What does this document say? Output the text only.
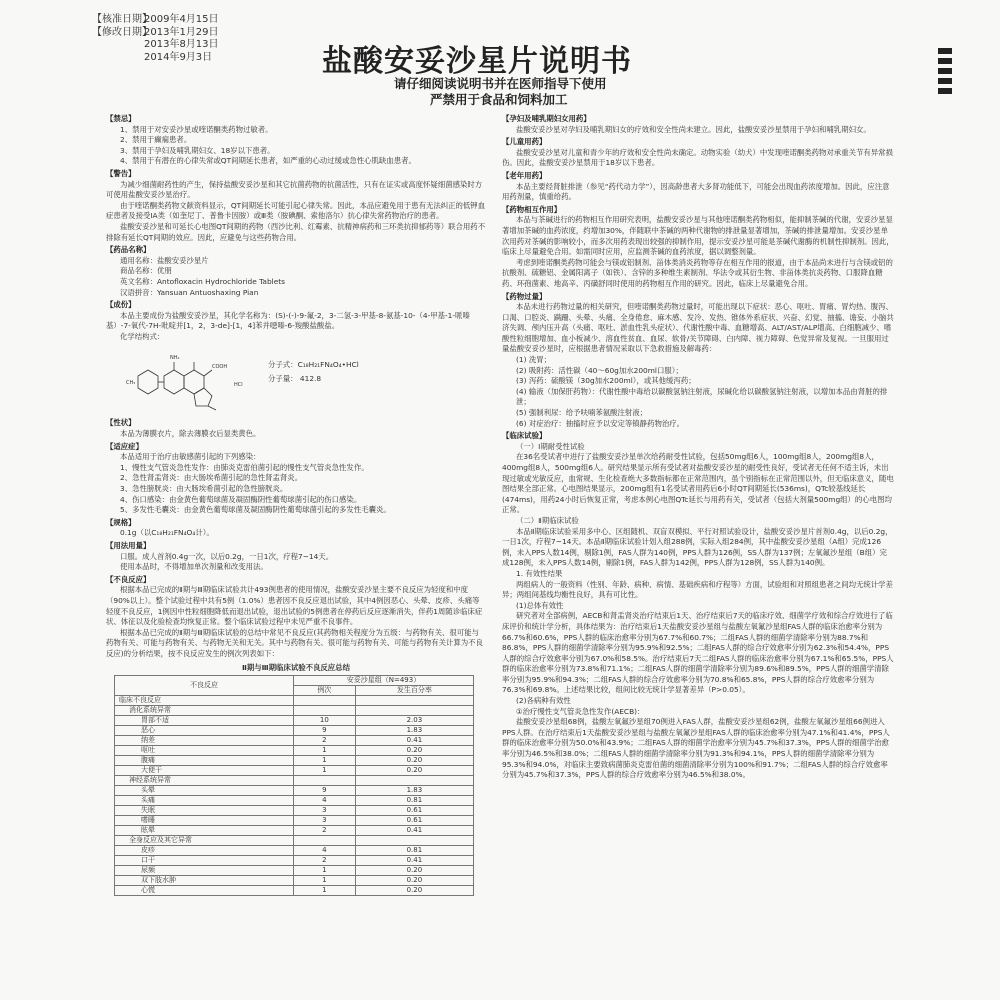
【核准日期】2009年4月15日
【修改日期】2013年1月29日
2013年8月13日
2014年9月3日	盐酸安妥沙星片说明书
请仔细阅读说明书并在医师指导下使用
严禁用于食品和饲料加工
【禁忌】
1、禁用于对安妥沙星或喹诺酮类药物过敏者。
2、禁用于癫痫患者。
3、禁用于孕妇及哺乳期妇女、18岁以下患者。
4、禁用于有潜在的心律失常或QT间期延长患者，如严重的心动过缓或急性心肌缺血患者。
【警告】

为减少细菌耐药性的产生，保持盐酸安妥沙星和其它抗菌药物的抗菌活性，只有在证实或高度怀疑细菌感染时方可使用盐酸安妥沙星治疗。

由于喹诺酮类药物文献资料显示，QT间期延长可能引起心律失常。因此，本品应避免用于患有无法纠正的低钾血症患者及接受IA类（如奎尼丁、普鲁卡因胺）或Ⅲ类（胺碘酮、索他洛尔）抗心律失常药物治疗的患者。

盐酸安妥沙星和可延长心电图QT间期的药物（西沙比利、红霉素、抗精神病药和三环类抗抑郁药等）联合用药不排除有延长QT间期的效应。因此，应避免与这些药物合用。

【药品名称】
通用名称：盐酸安妥沙星片
商品名称：优朋
英文名称：Antofloxacin Hydrochloride Tablets
汉语拼音：Yansuan Antuoshaxing Pian
【成份】

本品主要成份为盐酸安妥沙星，其化学名称为：(S)-(-)-9-氟-2，3-二氢-3-甲基-8-氨基-10-（4-甲基-1-哌嗪基）-7-氧代-7H-吡啶并[1，2，3-de]-[1，4]苯并噁嗪-6-羧酸盐酸盐。

化学结构式：
COOH
HCl
NH₂
CH₃
分子式：C₁₈H₂₁FN₄O₄•HCl
分子量： 412.8
【性状】

本品为薄膜衣片，除去薄膜衣后显类黄色。

【适应症】

本品适用于治疗由敏感菌引起的下列感染：

1、慢性支气管炎急性发作：由肺炎克雷伯菌引起的慢性支气管炎急性发作。
2、急性肾盂肾炎：由大肠埃希菌引起的急性肾盂肾炎。
3、急性膀胱炎：由大肠埃希菌引起的急性膀胱炎。
4、伤口感染：由金黄色葡萄球菌及凝固酶阴性葡萄球菌引起的伤口感染。
5、多发性毛囊炎：由金黄色葡萄球菌及凝固酶阴性葡萄球菌引起的多发性毛囊炎。
【规格】

0.1g（以C₁₈H₂₁FN₄O₄计）。

【用法用量】

口服。成人首剂0.4g一次，以后0.2g，一日1次，疗程7~14天。

使用本品时，不得增加单次剂量和改变用法。

【不良反应】

根据本品已完成的Ⅱ期与Ⅲ期临床试验共计493例患者的使用情况，盐酸安妥沙星主要不良反应为轻度和中度（90%以上）。整个试验过程中共有5例（1.0%）患者因不良反应退出试验，其中4例因恶心、头晕、皮疹、头痛等轻度不良反应，1例因中性粒细胞降低而退出试验，退出试验的5例患者在停药后反应逐渐消失，伴药1周随诊临床症状、体征以及化验检查均恢复正常。整个临床试验过程中未见严重不良事件。

根据本品已完成的Ⅱ期与Ⅲ期临床试验的总结中常见不良反应(其药物相关程度分为五级：与药物有关、很可能与药物有关、可能与药物有关、与药物无关和无关。其中与药物有关、很可能与药物有关、可能与药物有关计算为不良反应)的分析结果，按不良反应发生的例次列表如下：

Ⅱ期与Ⅲ期临床试验不良反应总结
不良反应	安妥沙星组（N=493）	
	例次	发生百分率
临床不良反应		
消化系统异常		
胃部不适	10	2.03
恶心	9	1.83
纳差	2	0.41
呕吐	1	0.20
腹痛	1	0.20
大便干	1	0.20
神经系统异常		
头晕	9	1.83
头痛	4	0.81
失眠	3	0.61
嗜睡	3	0.61
眩晕	2	0.41
全身反应及其它异常		
皮疹	4	0.81
口干	2	0.41
尿频	1	0.20
双下肢水肿	1	0.20
心慌	1	0.20
【孕妇及哺乳期妇女用药】

盐酸安妥沙星对孕妇及哺乳期妇女的疗效和安全性尚未建立。因此，盐酸安妥沙星禁用于孕妇和哺乳期妇女。

【儿童用药】

盐酸安妥沙星对儿童和青少年的疗效和安全性尚未确定。动物实验（幼犬）中发现喹诺酮类药物对承重关节有异常损伤。因此，盐酸安妥沙星禁用于18岁以下患者。

【老年用药】

本品主要经肾脏排泄（参见“药代动力学”），因高龄患者大多肾功能低下，可能会出现血药浓度增加。因此，应注意用药剂量，慎重给药。

【药物相互作用】

本品与茶碱进行的药物相互作用研究表明，盐酸安妥沙星与其他喹诺酮类药物相似，能抑制茶碱的代谢，安妥沙星显著增加茶碱的血药浓度，约增加30%，伴随联中茶碱的两种代谢物的排泄量显著增加，茶碱的排泄量增加。安妥沙星单次用药对茶碱的影响较小，而多次用药表现出较强的抑制作用，提示安妥沙星可能是茶碱代谢酶的机制性抑制剂。因此，临床上尽量避免合用。如需同时应用，应监测茶碱的血药浓度，据以调整剂量。

考虑到喹诺酮类药物可能会与镁或铝制剂、甾体类消炎药物等存在相互作用的报道，由于本品尚未进行与含镁或铝的抗酸剂、硫糖铝、金属阳离子（如铁）、含锌的多种维生素制剂、华法令或其衍生物、非甾体类抗炎药物、口服降血糖药、环孢菌素、地高辛、丙磺舒同时使用的药物相互作用的研究。因此，临床上尽量避免合用。

【药物过量】

本品未进行药物过量的相关研究，但喹诺酮类药物过量时，可能出现以下症状：恶心、呕吐、胃痛、胃灼热、腹泻、口渴、口腔炎、蹒跚、头晕、头痛、全身倦怠、麻木感、发冷、发热、锥体外系症状、兴奋、幻觉、抽搐、谵妄、小脑共济失调、颅内压升高（头痛、呕吐、淤血性乳头症状）、代谢性酸中毒、血糖增高、ALT/AST/ALP增高、白细胞减少、嗜酸性粒细胞增加、血小板减少、溶血性贫血、血尿、软骨/关节障碍、白内障、视力障碍、色觉异常及复视。一旦服用过量盐酸安妥沙星时，应根据患者情况采取以下急救措施及解毒药：

(1) 洗胃；
(2) 吸附药：活性碳（40～60g加水200ml口服）；
(3) 泻药：硫酸镁（30g加水200ml），或其他缓泻药；
(4) 输液（加保肝药物）：代谢性酸中毒给以碳酸氢钠注射液，尿碱化给以碳酸氢钠注射液，以增加本品由肾脏的排泄；
(5) 强制利尿：给予呋喃苯氨酸注射液；
(6) 对症治疗：抽搐时应予以安定等镇静药物治疗。
【临床试验】
（一）Ⅰ期耐受性试验

在36名受试者中进行了盐酸安妥沙星单次给药耐受性试验，包括50mg组6人，100mg组8人，200mg组8人，400mg组8人，500mg组6人。研究结果显示所有受试者对盐酸安妥沙星的耐受性良好，受试者无任何不适主诉，未出现过敏或光敏反应，血常规、生化检查绝大多数指标都在正常范围内，虽个别指标在正常范围以外，但无临床意义，随电图结果全部正常。心电图结果显示，200mg组有1名受试者用药后6小时QT间期延长(536ms)，QTc较基线延长(474ms)，用药24小时后恢复正常，考虑本例心电图QTc延长与用药有关，受试者（包括大剂量500mg组）的心电图均正常。

（二）Ⅱ期临床试验

本品Ⅱ期临床试验采用多中心、区组随机、双盲双模拟、平行对照试验设计，盐酸安妥沙星片首剂0.4g，以后0.2g，一日1次，疗程7~14天。本品Ⅱ期临床试验计划入组288例，实际入组284例，其中盐酸安妥沙星组（A组）完成126例，未入PPS人数14例，剔除1例，FAS人群为140例，PPS人群为126例，SS人群为137例；左氧氟沙星组（B组）完成128例，未入PPS人数14例，剔除1例，FAS人群为142例，PPS人群为128例，SS人群为140例。

1. 有效性结果

两组病人的一般资料（性别、年龄、病种、病情、基础疾病和疗程等）方面，试验组和对照组患者之间均无统计学差异；两组间基线均衡性良好，具有可比性。

(1)总体有效性

研究者对全部病例，AECB和肾盂肾炎治疗结束后1天、治疗结束后7天的临床疗效、细菌学疗效和综合疗效进行了临床评价和统计学分析，具体结果为：治疗结束后1天盐酸安妥沙星组与盐酸左氧氟沙星组FAS人群的临床治愈率分别为66.7%和60.6%，PPS人群的临床治愈率分别为67.7%和60.7%；二组FAS人群的细菌学清除率分别为88.7%和86.8%，PPS人群的细菌学清除率分别为95.9%和92.5%；二组FAS人群的综合疗效愈率分别为62.3%和54.4%，PPS人群的综合疗效愈率分别为67.0%和58.5%。治疗结束后7天二组FAS人群的临床治愈率分别为67.1%和65.5%，PPS人群的临床治愈率分别为73.8%和71.1%；二组FAS人群的细菌学清除率分别为89.6%和89.5%，PPS人群的细菌学清除率分别为95.9%和94.3%；二组FAS人群的综合疗效愈率分别为70.8%和65.8%，PPS人群的综合疗效愈率分别为76.3%和69.8%。上述结果比较，组间比较无统计学显著差异（P>0.05）。

(2)各病种有效性
①治疗慢性支气管炎急性发作(AECB)：

盐酸安妥沙星组68例，盐酸左氧氟沙星组70例进入FAS人群，盐酸安妥沙星组62例，盐酸左氧氟沙星组66例进入PPS人群。在治疗结束后1天盐酸安妥沙星组与盐酸左氧氟沙星组FAS人群的临床治愈率分别为47.1%和41.4%，PPS人群的临床治愈率分别为50.0%和43.9%；二组FAS人群的细菌学治愈率分别为45.7%和37.3%，PPS人群的细菌学治愈率分别为46.5%和38.0%；二组FAS人群的细菌学清除率分别为91.3%和94.1%，PPS人群的细菌学清除率分别为95.3%和94.0%，对临床主要致病菌肺炎克雷伯菌的细菌清除率分别为100%和91.7%；二组FAS人群的综合疗效愈率分别为45.7%和37.3%，PPS人群的综合疗效愈率分别为46.5%和38.0%。
